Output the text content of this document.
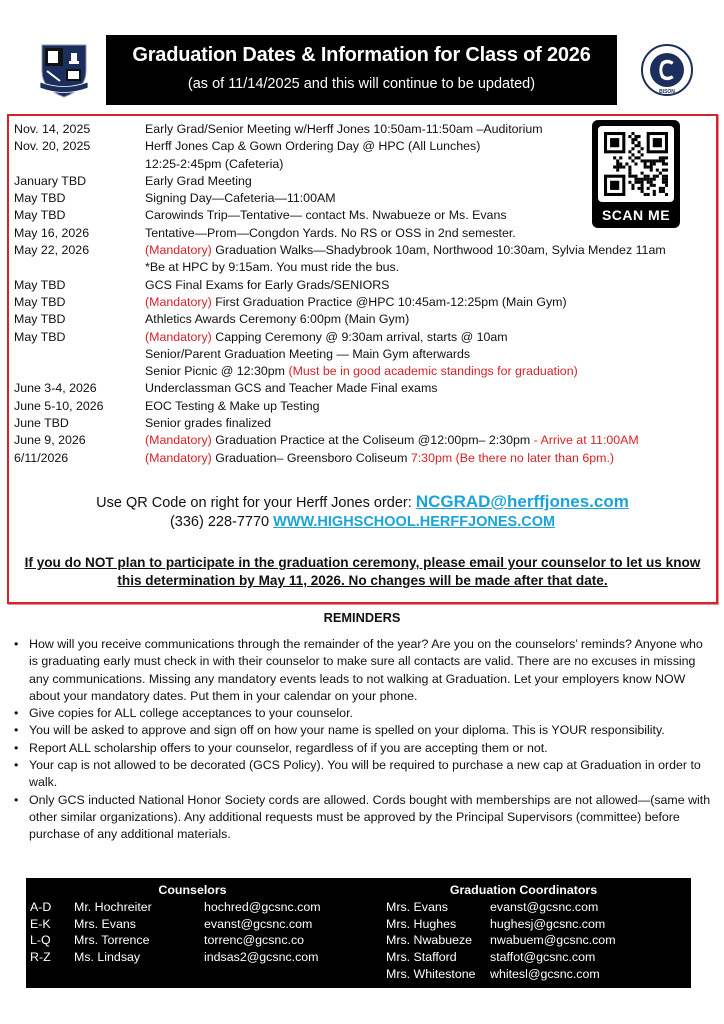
Graduation Dates & Information for Class of 2026
(as of 11/14/2025 and this will continue to be updated)	BISON
Nov. 14, 2025	Early Grad/Senior Meeting w/Herff Jones 10:50am-11:50am –Auditorium
Nov. 20, 2025	Herff Jones Cap & Gown Ordering Day @ HPC (All Lunches)
12:25-2:45pm (Cafeteria)
January TBD	Early Grad Meeting
May TBD	Signing Day—Cafeteria—11:00AM
May TBD	Carowinds Trip—Tentative— contact Ms. Nwabueze or Ms. Evans
May 16, 2026	Tentative—Prom—Congdon Yards. No RS or OSS in 2nd semester.
May 22, 2026	(Mandatory) Graduation Walks—Shadybrook 10am, Northwood 10:30am, Sylvia Mendez 11am
*Be at HPC by 9:15am. You must ride the bus.
May TBD	GCS Final Exams for Early Grads/SENIORS
May TBD	(Mandatory) First Graduation Practice @HPC 10:45am-12:25pm (Main Gym)
May TBD	Athletics Awards Ceremony 6:00pm (Main Gym)
May TBD	(Mandatory) Capping Ceremony @ 9:30am arrival, starts @ 10am
Senior/Parent Graduation Meeting — Main Gym afterwards
Senior Picnic @ 12:30pm (Must be in good academic standings for graduation)
June 3-4, 2026	Underclassman GCS and Teacher Made Final exams
June 5-10, 2026	EOC Testing & Make up Testing
June TBD	Senior grades finalized
June 9, 2026	(Mandatory) Graduation Practice at the Coliseum @12:00pm– 2:30pm - Arrive at 11:00AM
6/11/2026	(Mandatory) Graduation– Greensboro Coliseum 7:30pm (Be there no later than 6pm.)
SCAN ME
Use QR Code on right for your Herff Jones order: NCGRAD@herffjones.com
(336) 228-7770 WWW.HIGHSCHOOL.HERFFJONES.COM
If you do NOT plan to participate in the graduation ceremony, please email your counselor to let us know
this determination by May 11, 2026. No changes will be made after that date.
REMINDERS
• How will you receive communications through the remainder of the year? Are you on the counselors’ reminds? Anyone who is graduating early must check in with their counselor to make sure all contacts are valid. There are no excuses in missing any communications. Missing any mandatory events leads to not walking at Graduation. Let your employers know NOW about your mandatory dates. Put them in your calendar on your phone.
• Give copies for ALL college acceptances to your counselor.
• You will be asked to approve and sign off on how your name is spelled on your diploma. This is YOUR responsibility.
• Report ALL scholarship offers to your counselor, regardless of if you are accepting them or not.
• Your cap is not allowed to be decorated (GCS Policy). You will be required to purchase a new cap at Graduation in order to walk.
• Only GCS inducted National Honor Society cords are allowed. Cords bought with memberships are not allowed—(same with other similar organizations). Any additional requests must be approved by the Principal Supervisors (committee) before purchase of any additional materials.
Counselors
A-D	Mr. Hochreiter	hochred@gcsnc.com
E-K	Mrs. Evans	evanst@gcsnc.com
L-Q	Mrs. Torrence	torrenc@gcsnc.co
R-Z	Ms. Lindsay	indsas2@gcsnc.com
Graduation Coordinators
Mrs. Evans	evanst@gcsnc.com
Mrs. Hughes	hughesj@gcsnc.com
Mrs. Nwabueze	nwabuem@gcsnc.com
Mrs. Stafford	staffot@gcsnc.com
Mrs. Whitestone	whitesl@gcsnc.com
